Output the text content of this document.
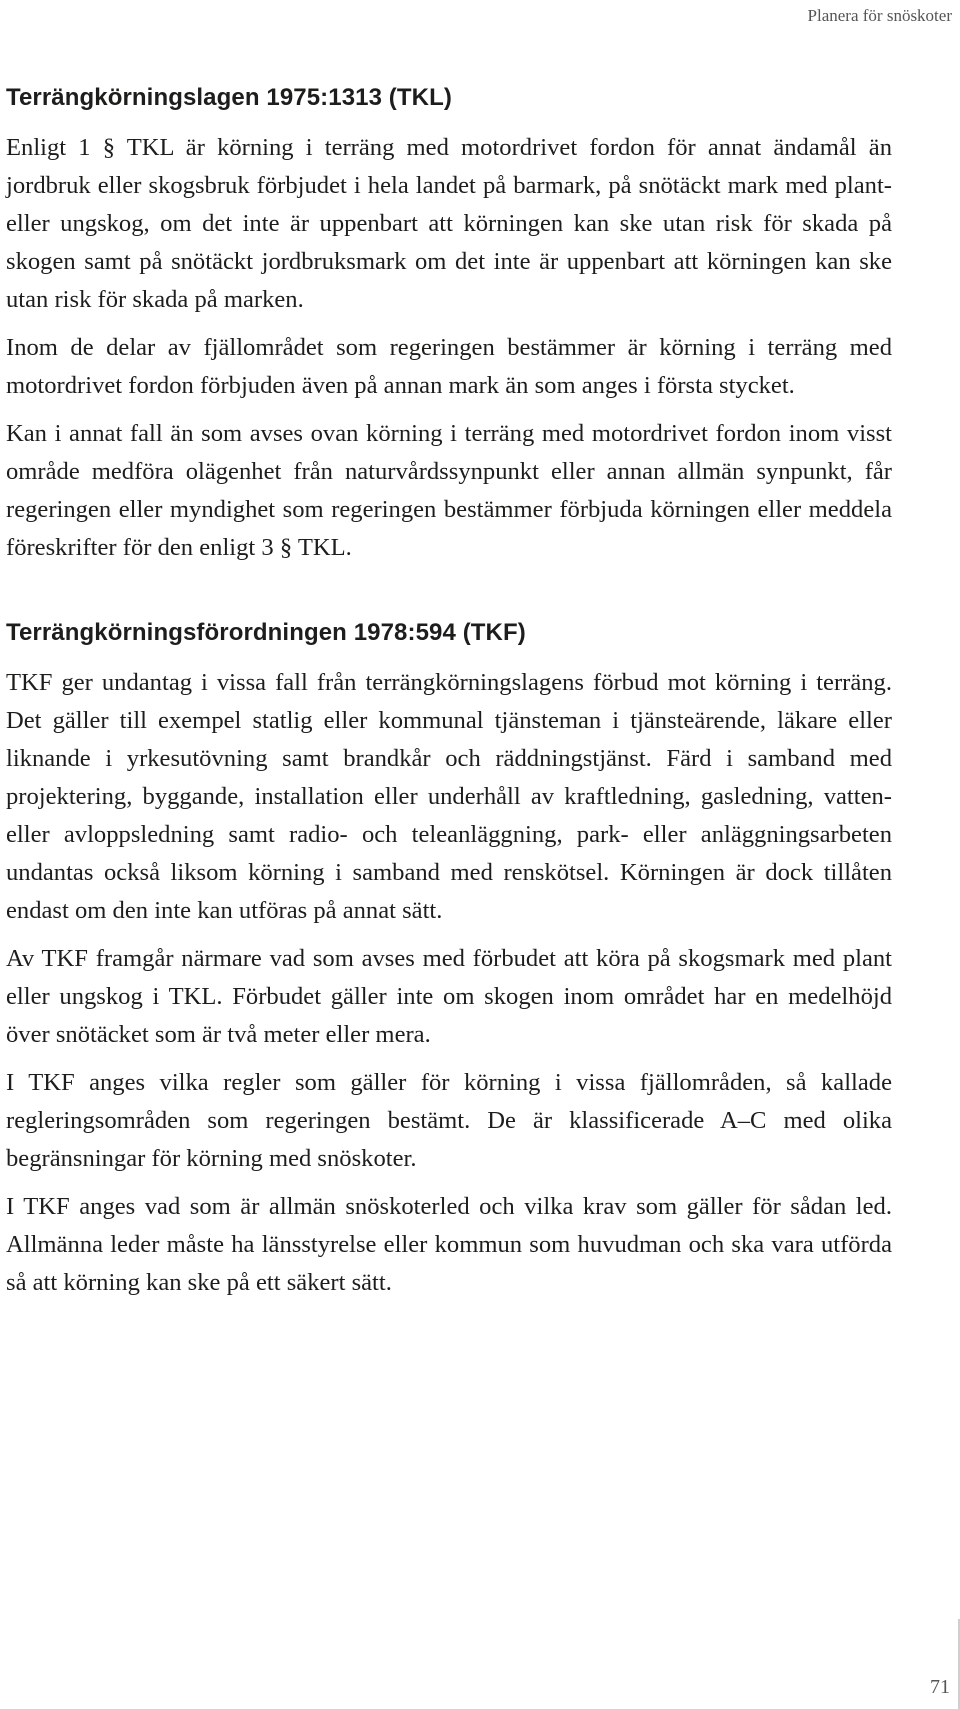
Planera för snöskoter
Terrängkörningslagen 1975:1313 (TKL)

Enligt 1 § TKL är körning i terräng med motordrivet fordon för annat ändamål än jordbruk eller skogsbruk förbjudet i hela landet på barmark, på snötäckt mark med plant- eller ungskog, om det inte är uppenbart att körningen kan ske utan risk för skada på skogen samt på snötäckt jordbruksmark om det inte är uppenbart att körningen kan ske utan risk för skada på marken.

Inom de delar av fjällområdet som regeringen bestämmer är körning i terräng med motordrivet fordon förbjuden även på annan mark än som anges i första stycket.

Kan i annat fall än som avses ovan körning i terräng med motordrivet fordon inom visst område medföra olägenhet från naturvårdssynpunkt eller annan allmän synpunkt, får regeringen eller myndighet som regeringen bestämmer förbjuda körningen eller meddela föreskrifter för den enligt 3 § TKL.

Terrängkörningsförordningen 1978:594 (TKF)

TKF ger undantag i vissa fall från terrängkörningslagens förbud mot körning i terräng. Det gäller till exempel statlig eller kommunal tjänsteman i tjänsteärende, läkare eller liknande i yrkesutövning samt brandkår och räddningstjänst. Färd i samband med projektering, byggande, installation eller underhåll av kraftledning, gasledning, vatten- eller avloppsledning samt radio- och teleanläggning, park- eller anläggningsarbeten undantas också liksom körning i samband med renskötsel. Körningen är dock tillåten endast om den inte kan utföras på annat sätt.

Av TKF framgår närmare vad som avses med förbudet att köra på skogsmark med plant eller ungskog i TKL. Förbudet gäller inte om skogen inom området har en medelhöjd över snötäcket som är två meter eller mera.

I TKF anges vilka regler som gäller för körning i vissa fjällområden, så kallade regleringsområden som regeringen bestämt. De är klassificerade A–C med olika begränsningar för körning med snöskoter.

I TKF anges vad som är allmän snöskoterled och vilka krav som gäller för sådan led. Allmänna leder måste ha länsstyrelse eller kommun som huvudman och ska vara utförda så att körning kan ske på ett säkert sätt.

71
